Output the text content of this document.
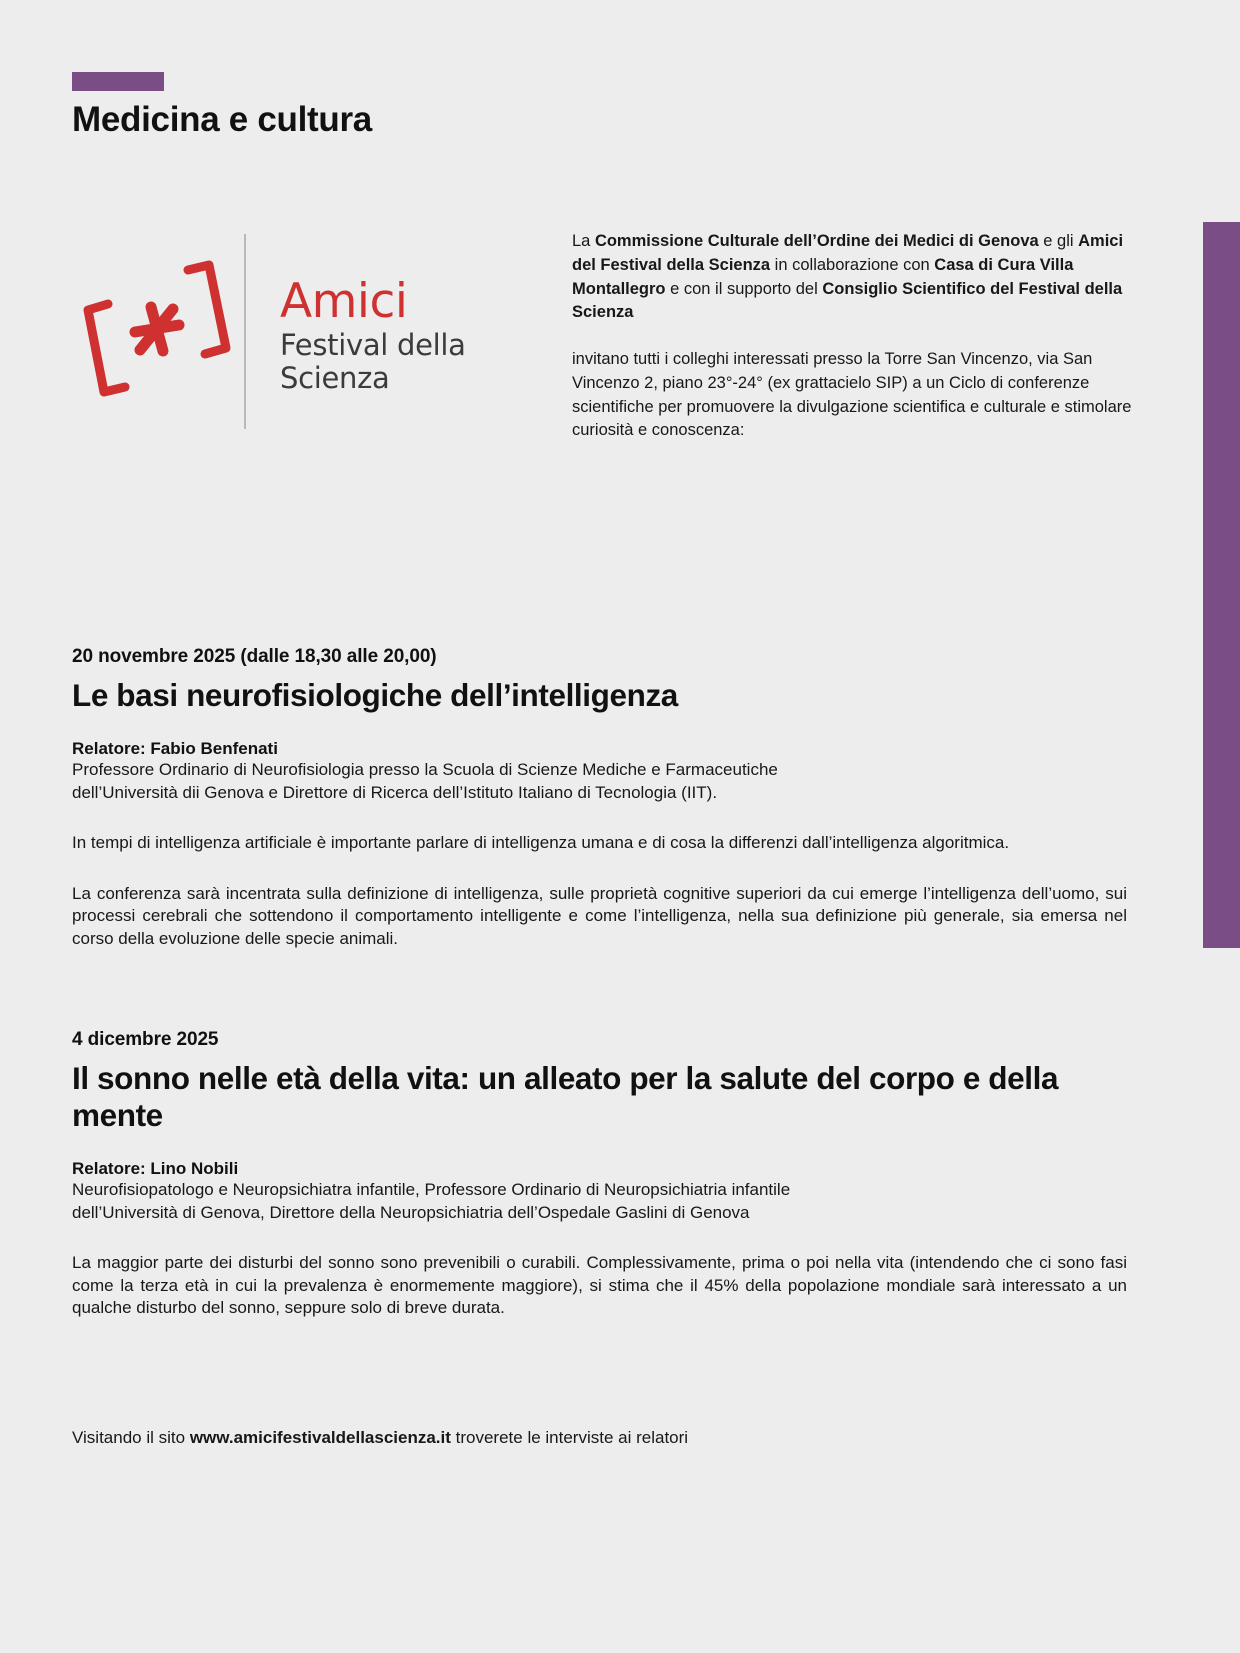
Medicina e cultura
Amici
Festival della Scienza

La Commissione Culturale dell’Ordine dei Medici di Genova e gli Amici del Festival della Scienza in collaborazione con Casa di Cura Villa Montallegro e con il supporto del Consiglio Scientifico del Festival della Scienza

invitano tutti i colleghi interessati presso la Torre San Vincenzo, via San Vincenzo 2, piano 23°-24° (ex grattacielo SIP) a un Ciclo di conferenze scientifiche per promuovere la divulgazione scientifica e culturale e stimolare curiosità e conoscenza:

20 novembre 2025 (dalle 18,30 alle 20,00)
Le basi neurofisiologiche dell’intelligenza
Relatore: Fabio Benfenati
Professore Ordinario di Neurofisiologia presso la Scuola di Scienze Mediche e Farmaceutiche
dell’Università dii Genova e Direttore di Ricerca dell’Istituto Italiano di Tecnologia (IIT).
In tempi di intelligenza artificiale è importante parlare di intelligenza umana e di cosa la differenzi dall’intelligenza algoritmica.
La conferenza sarà incentrata sulla definizione di intelligenza, sulle proprietà cognitive superiori da cui emerge l’intelligenza dell’uomo, sui processi cerebrali che sottendono il comportamento intelligente e come l’intelligenza, nella sua definizione più generale, sia emersa nel corso della evoluzione delle specie animali.
4 dicembre 2025
Il sonno nelle età della vita: un alleato per la salute del corpo e della mente
Relatore: Lino Nobili
Neurofisiopatologo e Neuropsichiatra infantile, Professore Ordinario di Neuropsichiatria infantile
dell’Università di Genova, Direttore della Neuropsichiatria dell’Ospedale Gaslini di Genova
La maggior parte dei disturbi del sonno sono prevenibili o curabili. Complessivamente, prima o poi nella vita (intendendo che ci sono fasi come la terza età in cui la prevalenza è enormemente maggiore), si stima che il 45% della popolazione mondiale sarà interessato a un qualche disturbo del sonno, seppure solo di breve durata.
Visitando il sito www.amicifestivaldellascienza.it troverete le interviste ai relatori
